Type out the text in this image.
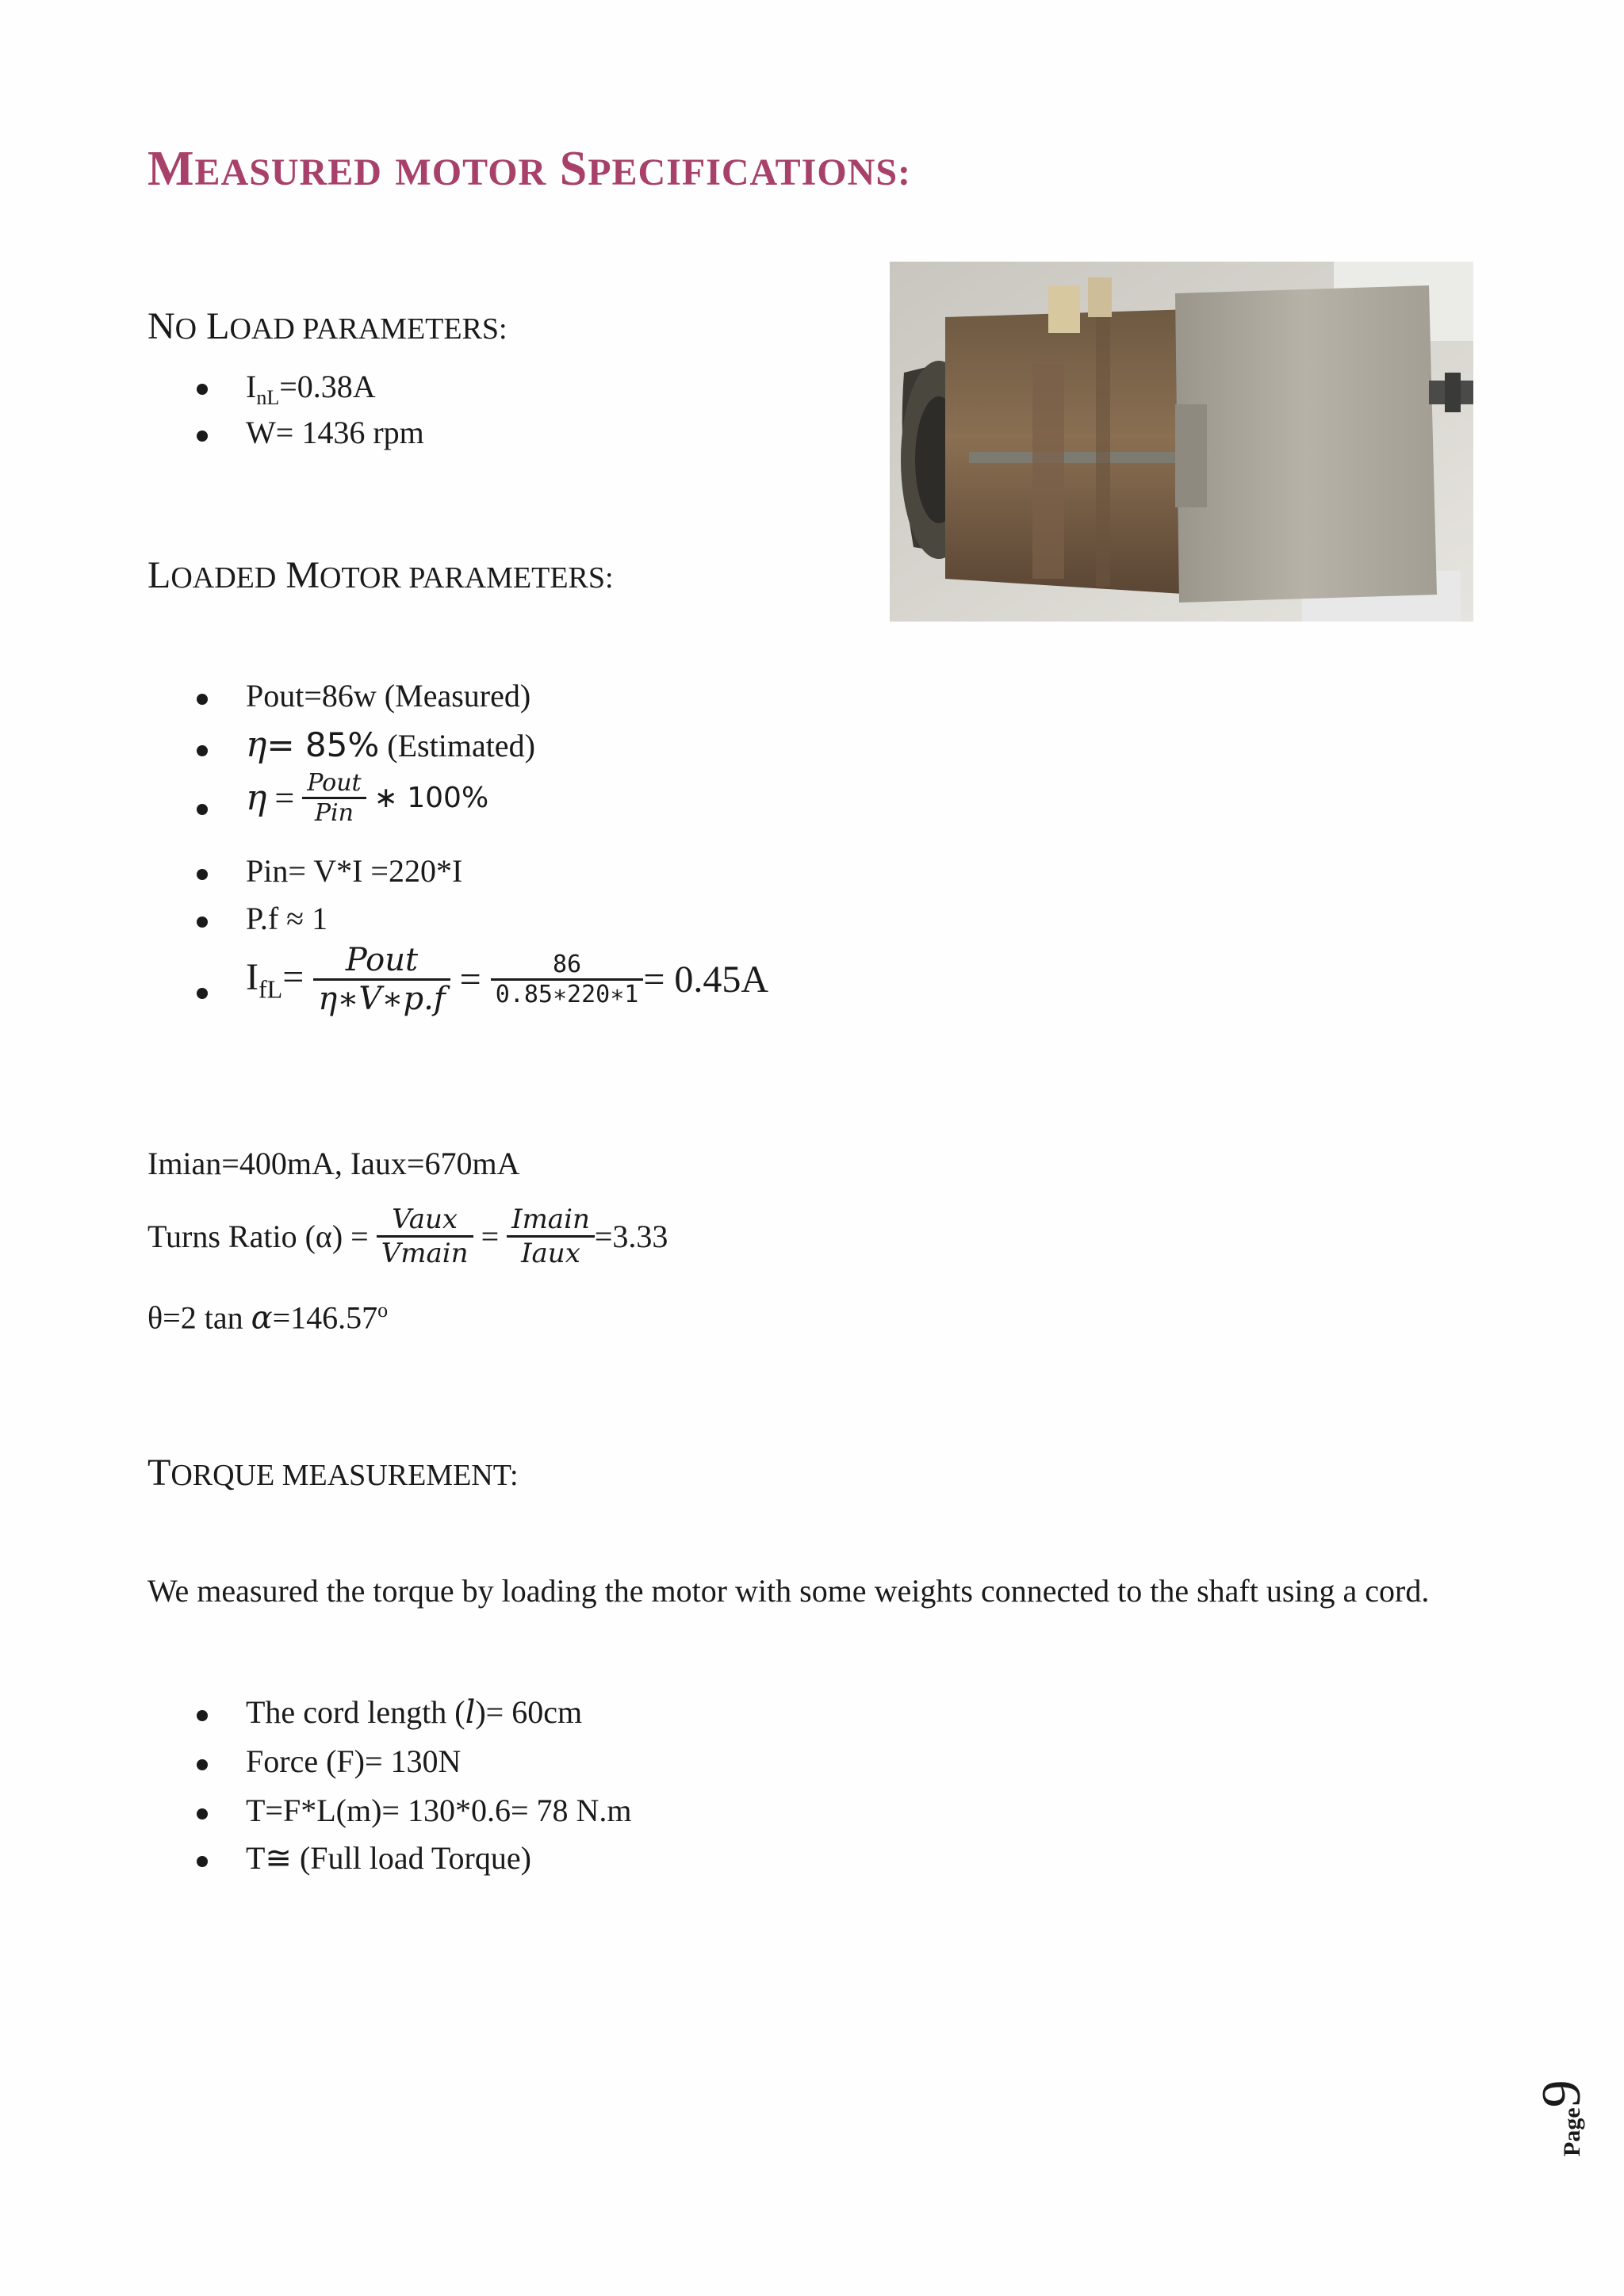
MEASURED MOTOR SPECIFICATIONS:
NO LOAD PARAMETERS:
$I_{nL}=0.38A$
W= 1436 rpm
LOADED MOTOR PARAMETERS:
Pout=86w (Measured)
η= 85% (Estimated)
$\eta = \frac{\text{Pout}}{\text{Pin}}$ ∗ 100%
Pin= V*I =220*I
P.f ≈ 1
$I_{fL}= \frac{\text{Pout}}{\eta∗V∗p.f} = \frac{86}{0.85∗220∗1} = 0.45A$
Imian=400mA, Iaux=670mA
Turns Ratio $(\alpha) = \frac{\text{Vaux}}{\text{Vmain}} = \frac{\text{Imain}}{\text{Iaux}} =3.33$
θ=2 $\tan \alpha=146.57^o$
TORQUE MEASUREMENT:
We measured the torque by loading the motor with some weights connected to the shaft using a cord.
The cord length (l)= 60cm
Force (F)= 130N
T=F*L(m)= 130*0.6= 78 N.m
T≅ (Full load Torque)
Page9
